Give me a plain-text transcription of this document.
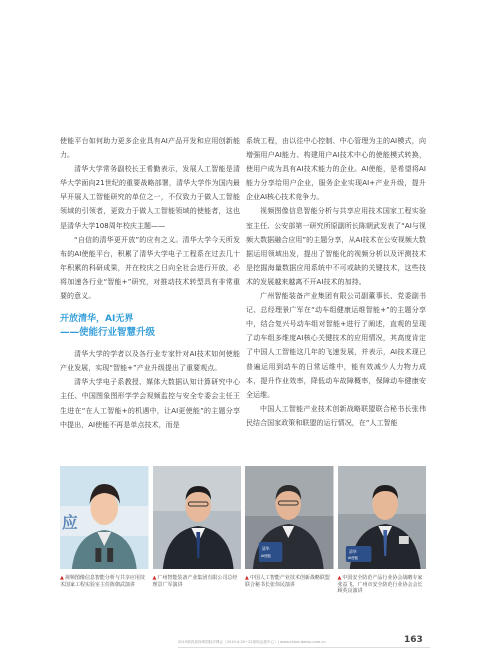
使能平台如何助力更多企业具有AI产品开发和应用创新能力。

清华大学常务副校长王希勤表示，发展人工智能是清华大学面向21世纪的重要战略部署，清华大学作为国内最早开展人工智能研究的单位之一，不仅致力于做人工智能领域的引领者，更致力于做人工智能领域的使能者，这也是清华大学108周年校庆主题——

“自信的清华更开放”的应有之义。清华大学今天所发布的AI使能平台，积累了清华大学电子工程系在过去几十年积累的科研成果，并在校庆之日向全社会进行开放，必将加速各行业“智能+”研究，对推动技术转型具有非常重要的意义。

开放清华，AI无界
——使能行业智慧升级

清华大学的学者以及各行业专家针对AI技术如何使能产业发展，实现“智能+”产业升级提出了重要观点。

清华大学电子系教授、媒体大数据认知计算研究中心主任、中国图象图形学学会视频监控与安全专委会主任王生进在“在人工智能+的机遇中，让AI更使能”的主题分享中提出，AI使能不再是单点技术，而是

系统工程，由以往中心控制、中心管理为主的AI模式，向增强用户AI能力、构建用户AI技术中心的使能模式转换，使用户成为具有AI技术能力的企业。AI使能，是希望将AI能力分享给用户企业，服务企业实现AI+产业升级，提升企业AI核心技术竞争力。

视频图像信息智能分析与共享应用技术国家工程实验室主任、公安部第一研究所原副所长陈朝武发表了“AI与视频大数据融合应用”的主题分享，从AI技术在公安视频大数据运用领域出发，提出了智能化的视频分析以及评测技术是挖掘海量数据应用系统中不可或缺的关键技术，这些技术的发展越来越离不开AI技术的加持。

广州智能装备产业集团有限公司副董事长、党委副书记、总经理景广军在“动车组健康运维智能+”的主题分享中，结合复兴号动车组对智能+进行了阐述，直观的呈现了动车组多维度AI核心关键技术的应用情况，其高度肯定了中国人工智能这几年的飞速发展，并表示，AI技术现已普遍运用到动车的日常运维中，能有效减少人力物力成本，提升作业效率，降低动车故障概率，保障动车健康安全运维。

中国人工智能产业技术创新战略联盟联合秘书长张伟民结合国家政策和联盟的运行情况，在“人工智能

应
清华
AI使能
清华
AI使能
▲视频图像信息智能分析与共享应用技术国家工程实验室主任陈朝武演讲
▲广州智能装备产业集团有限公司总经理景广军演讲
▲中国人工智能产业技术创新战略联盟联合秘书长张伟民演讲
▲中国安全防范产品行业协会战略专家张益飞、广州市安全防范行业协会会长顾英良演讲
2019第四届深圳国际安博会（2019.4.20~22深圳会展中心）| www.china-daiwu.com.cn	163
